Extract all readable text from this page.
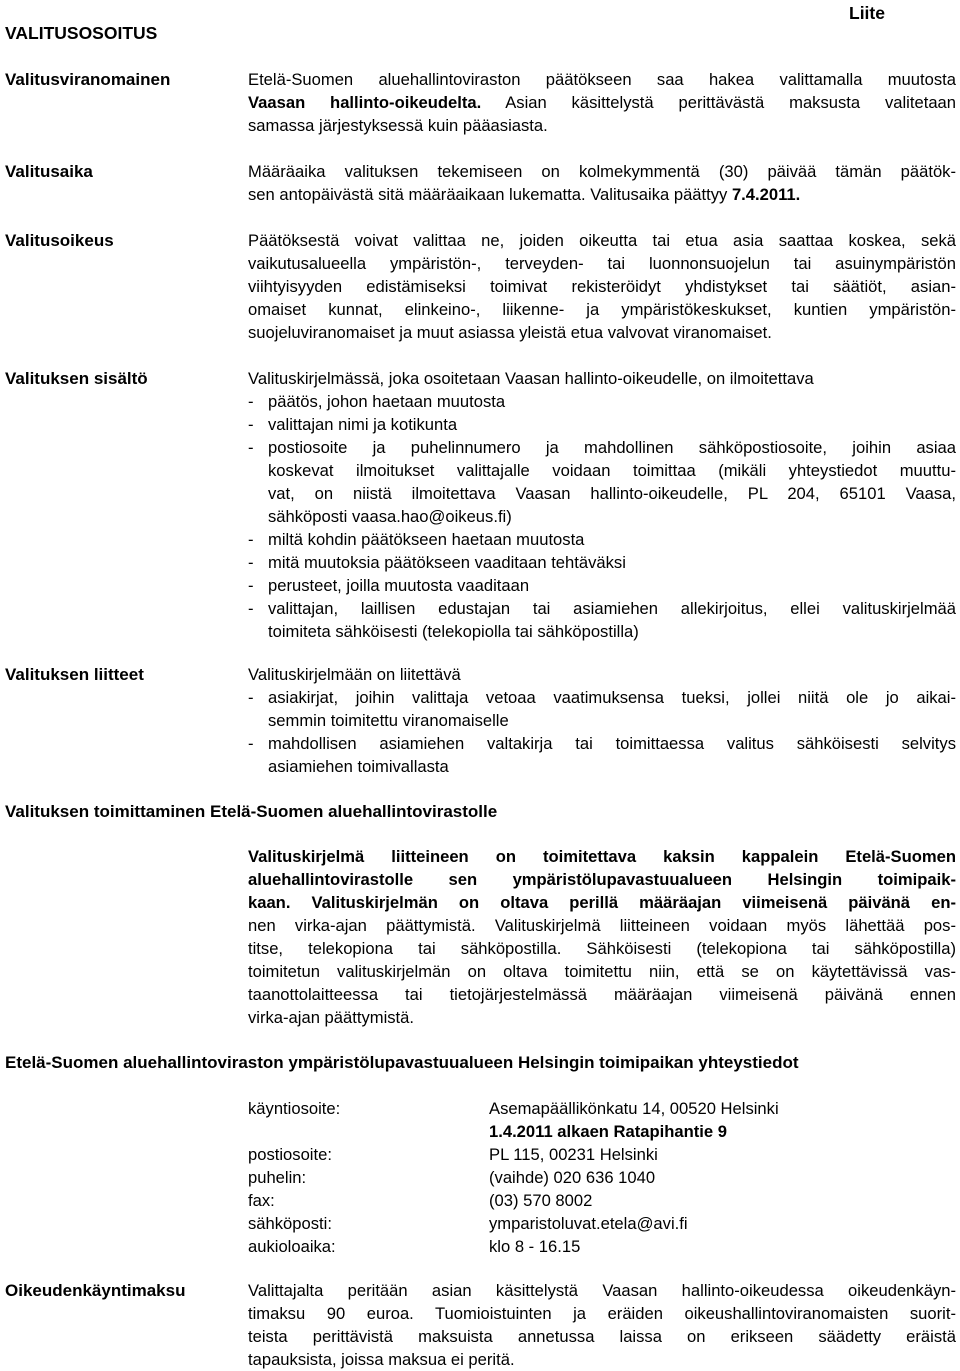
VALITUSOSOITUS
Liite
Valitusviranomainen	Etelä-Suomen aluehallintoviraston päätökseen saa hakea valittamalla muutosta
Vaasan hallinto-oikeudelta. Asian käsittelystä perittävästä maksusta valitetaan
samassa järjestyksessä kuin pääasiasta.
Valitusaika	Määräaika valituksen tekemiseen on kolmekymmentä (30) päivää tämän päätök-
sen antopäivästä sitä määräaikaan lukematta. Valitusaika päättyy 7.4.2011.
Valitusoikeus	Päätöksestä voivat valittaa ne, joiden oikeutta tai etua asia saattaa koskea, sekä
vaikutusalueella ympäristön-, terveyden- tai luonnonsuojelun tai asuinympäristön
viihtyisyyden edistämiseksi toimivat rekisteröidyt yhdistykset tai säätiöt, asian-
omaiset kunnat, elinkeino-, liikenne- ja ympäristökeskukset, kuntien ympäristön-
suojeluviranomaiset ja muut asiassa yleistä etua valvovat viranomaiset.
Valituksen sisältö	Valituskirjelmässä, joka osoitetaan Vaasan hallinto-oikeudelle, on ilmoitettava
- päätös, johon haetaan muutosta
- valittajan nimi ja kotikunta
- postiosoite ja puhelinnumero ja mahdollinen sähköpostiosoite, joihin asiaa
koskevat ilmoitukset valittajalle voidaan toimittaa (mikäli yhteystiedot muuttu-
vat, on niistä ilmoitettava Vaasan hallinto-oikeudelle, PL 204, 65101 Vaasa,
sähköposti vaasa.hao@oikeus.fi)
- miltä kohdin päätökseen haetaan muutosta
- mitä muutoksia päätökseen vaaditaan tehtäväksi
- perusteet, joilla muutosta vaaditaan
- valittajan, laillisen edustajan tai asiamiehen allekirjoitus, ellei valituskirjelmää
toimiteta sähköisesti (telekopiolla tai sähköpostilla)
Valituksen liitteet	Valituskirjelmään on liitettävä
- asiakirjat, joihin valittaja vetoaa vaatimuksensa tueksi, jollei niitä ole jo aikai-
semmin toimitettu viranomaiselle
- mahdollisen asiamiehen valtakirja tai toimittaessa valitus sähköisesti selvitys
asiamiehen toimivallasta
Valituksen toimittaminen Etelä-Suomen aluehallintovirastolle
Valituskirjelmä liitteineen on toimitettava kaksin kappalein Etelä-Suomen
aluehallintovirastolle sen ympäristölupavastuualueen Helsingin toimipaik-
kaan. Valituskirjelmän on oltava perillä määräajan viimeisenä päivänä en-
nen virka-ajan päättymistä. Valituskirjelmä liitteineen voidaan myös lähettää pos-
titse, telekopiona tai sähköpostilla. Sähköisesti (telekopiona tai sähköpostilla)
toimitetun valituskirjelmän on oltava toimitettu niin, että se on käytettävissä vas-
taanottolaitteessa tai tietojärjestelmässä määräajan viimeisenä päivänä ennen
virka-ajan päättymistä.
Etelä-Suomen aluehallintoviraston ympäristölupavastuualueen Helsingin toimipaikan yhteystiedot
käyntiosoite:	Asemapäällikönkatu 14, 00520 Helsinki
1.4.2011 alkaen Ratapihantie 9
postiosoite:	PL 115, 00231 Helsinki
puhelin:	(vaihde) 020 636 1040
fax:	(03) 570 8002
sähköposti:	ymparistoluvat.etela@avi.fi
aukioloaika:	klo 8 - 16.15
Oikeudenkäyntimaksu	Valittajalta peritään asian käsittelystä Vaasan hallinto-oikeudessa oikeudenkäyn-
timaksu 90 euroa. Tuomioistuinten ja eräiden oikeushallintoviranomaisten suorit-
teista perittävistä maksuista annetussa laissa on erikseen säädetty eräistä
tapauksista, joissa maksua ei peritä.
